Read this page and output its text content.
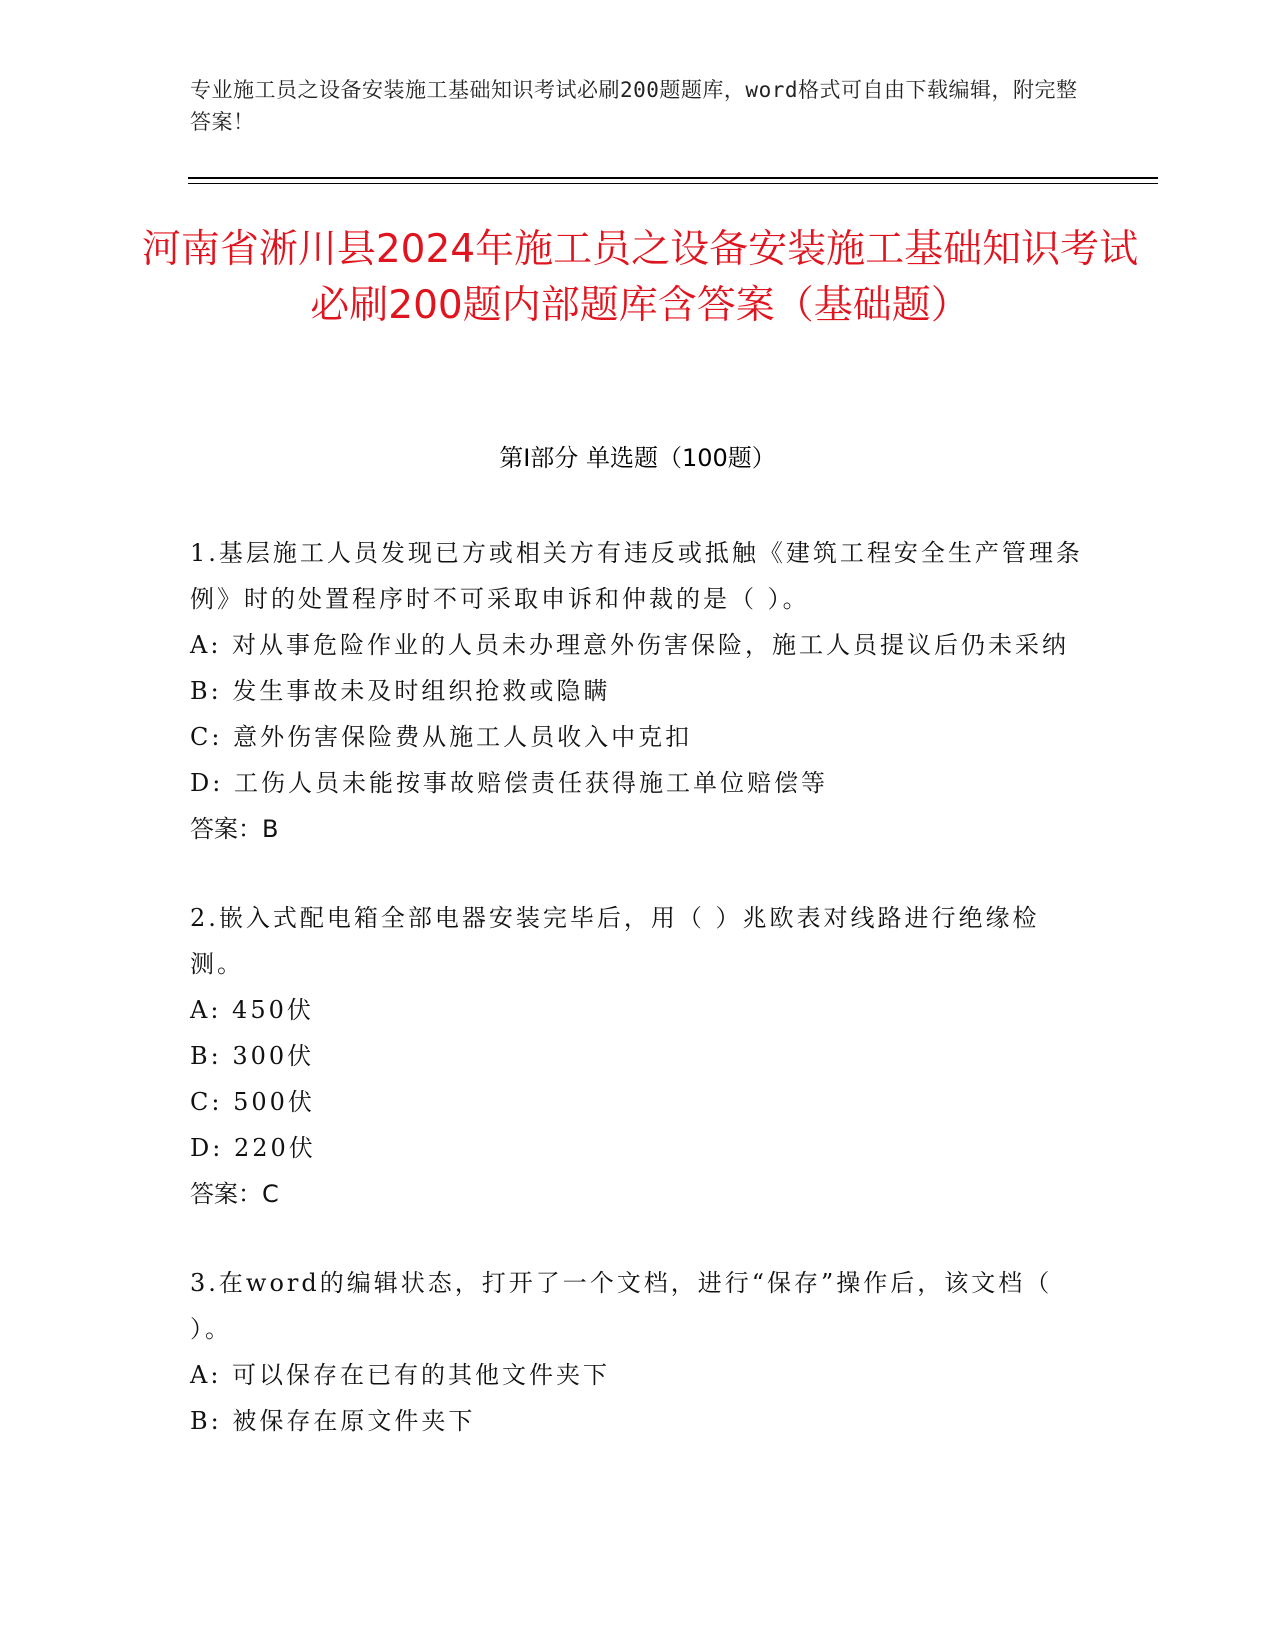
专业施工员之设备安装施工基础知识考试必刷200题题库，word格式可自由下载编辑，附完整答案！
河南省淅川县2024年施工员之设备安装施工基础知识考试必刷200题内部题库含答案（基础题）
第I部分 单选题（100题）
1.基层施工人员发现已方或相关方有违反或抵触《建筑工程安全生产管理条例》时的处置程序时不可采取申诉和仲裁的是（ ）。
A: 对从事危险作业的人员未办理意外伤害保险，施工人员提议后仍未采纳
B: 发生事故未及时组织抢救或隐瞒
C: 意外伤害保险费从施工人员收入中克扣
D: 工伤人员未能按事故赔偿责任获得施工单位赔偿等
答案：B
2.嵌入式配电箱全部电器安装完毕后，用（ ）兆欧表对线路进行绝缘检测。
A: 450伏
B: 300伏
C: 500伏
D: 220伏
答案：C
3.在word的编辑状态，打开了一个文档，进行“保存”操作后，该文档（ ）。
A: 可以保存在已有的其他文件夹下
B: 被保存在原文件夹下
